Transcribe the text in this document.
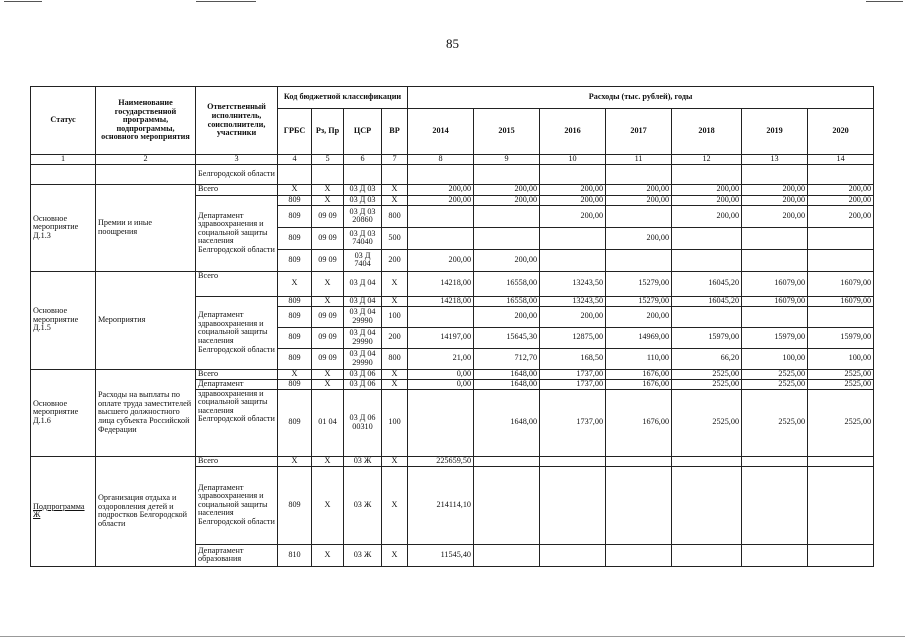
85
Статус	Наименование государственной программы, подпрограммы, основного мероприятия	Ответственный исполнитель, соисполнители, участники	Код бюджетной классификации				Расходы (тыс. рублей), годы						
			ГРБС	Рз, Пр	ЦСР	ВР	2014	2015	2016	2017	2018	2019	2020
1	2	3	4	5	6	7	8	9	10	11	12	13	14
		Белгородской области											
Основное мероприятие Д.1.3	Премии и иные поощрения	Всего	Х	Х	03 Д 03	Х	200,00	200,00	200,00	200,00	200,00	200,00	200,00
		Департамент здравоохранения и социальной защиты населения Белгородской области	809	Х	03 Д 03	Х	200,00	200,00	200,00	200,00	200,00	200,00	200,00
			809	09 09	03 Д 03 20860	800			200,00		200,00	200,00	200,00
			809	09 09	03 Д 03 74040	500				200,00			
			809	09 09	03 Д 7404	200	200,00	200,00					
Основное мероприятие Д.1.5	Мероприятия	Всего	Х	Х	03 Д 04	Х	14218,00	16558,00	13243,50	15279,00	16045,20	16079,00	16079,00
		Департамент здравоохранения и социальной защиты населения Белгородской области	809	Х	03 Д 04	Х	14218,00	16558,00	13243,50	15279,00	16045,20	16079,00	16079,00
			809	09 09	03 Д 04 29990	100		200,00	200,00	200,00			
			809	09 09	03 Д 04 29990	200	14197,00	15645,30	12875,00	14969,00	15979,00	15979,00	15979,00
			809	09 09	03 Д 04 29990	800	21,00	712,70	168,50	110,00	66,20	100,00	100,00
Основное мероприятие Д.1.6	Расходы на выплаты по оплате труда заместителей высшего должностного лица субъекта Российской Федерации	Всего	Х	Х	03 Д 06	Х	0,00	1648,00	1737,00	1676,00	2525,00	2525,00	2525,00
		Департамент	809	Х	03 Д 06	Х	0,00	1648,00	1737,00	1676,00	2525,00	2525,00	2525,00
		здравоохранения и социальной защиты населения Белгородской области	809	01 04	03 Д 06 00310	100		1648,00	1737,00	1676,00	2525,00	2525,00	2525,00
Подпрограмма Ж	Организация отдыха и оздоровления детей и подростков Белгородской области	Всего	Х	Х	03 Ж	Х	225659,50						
		Департамент здравоохранения и социальной защиты населения Белгородской области	809	Х	03 Ж	Х	214114,10						
		Департамент образования	810	Х	03 Ж	Х	11545,40						
